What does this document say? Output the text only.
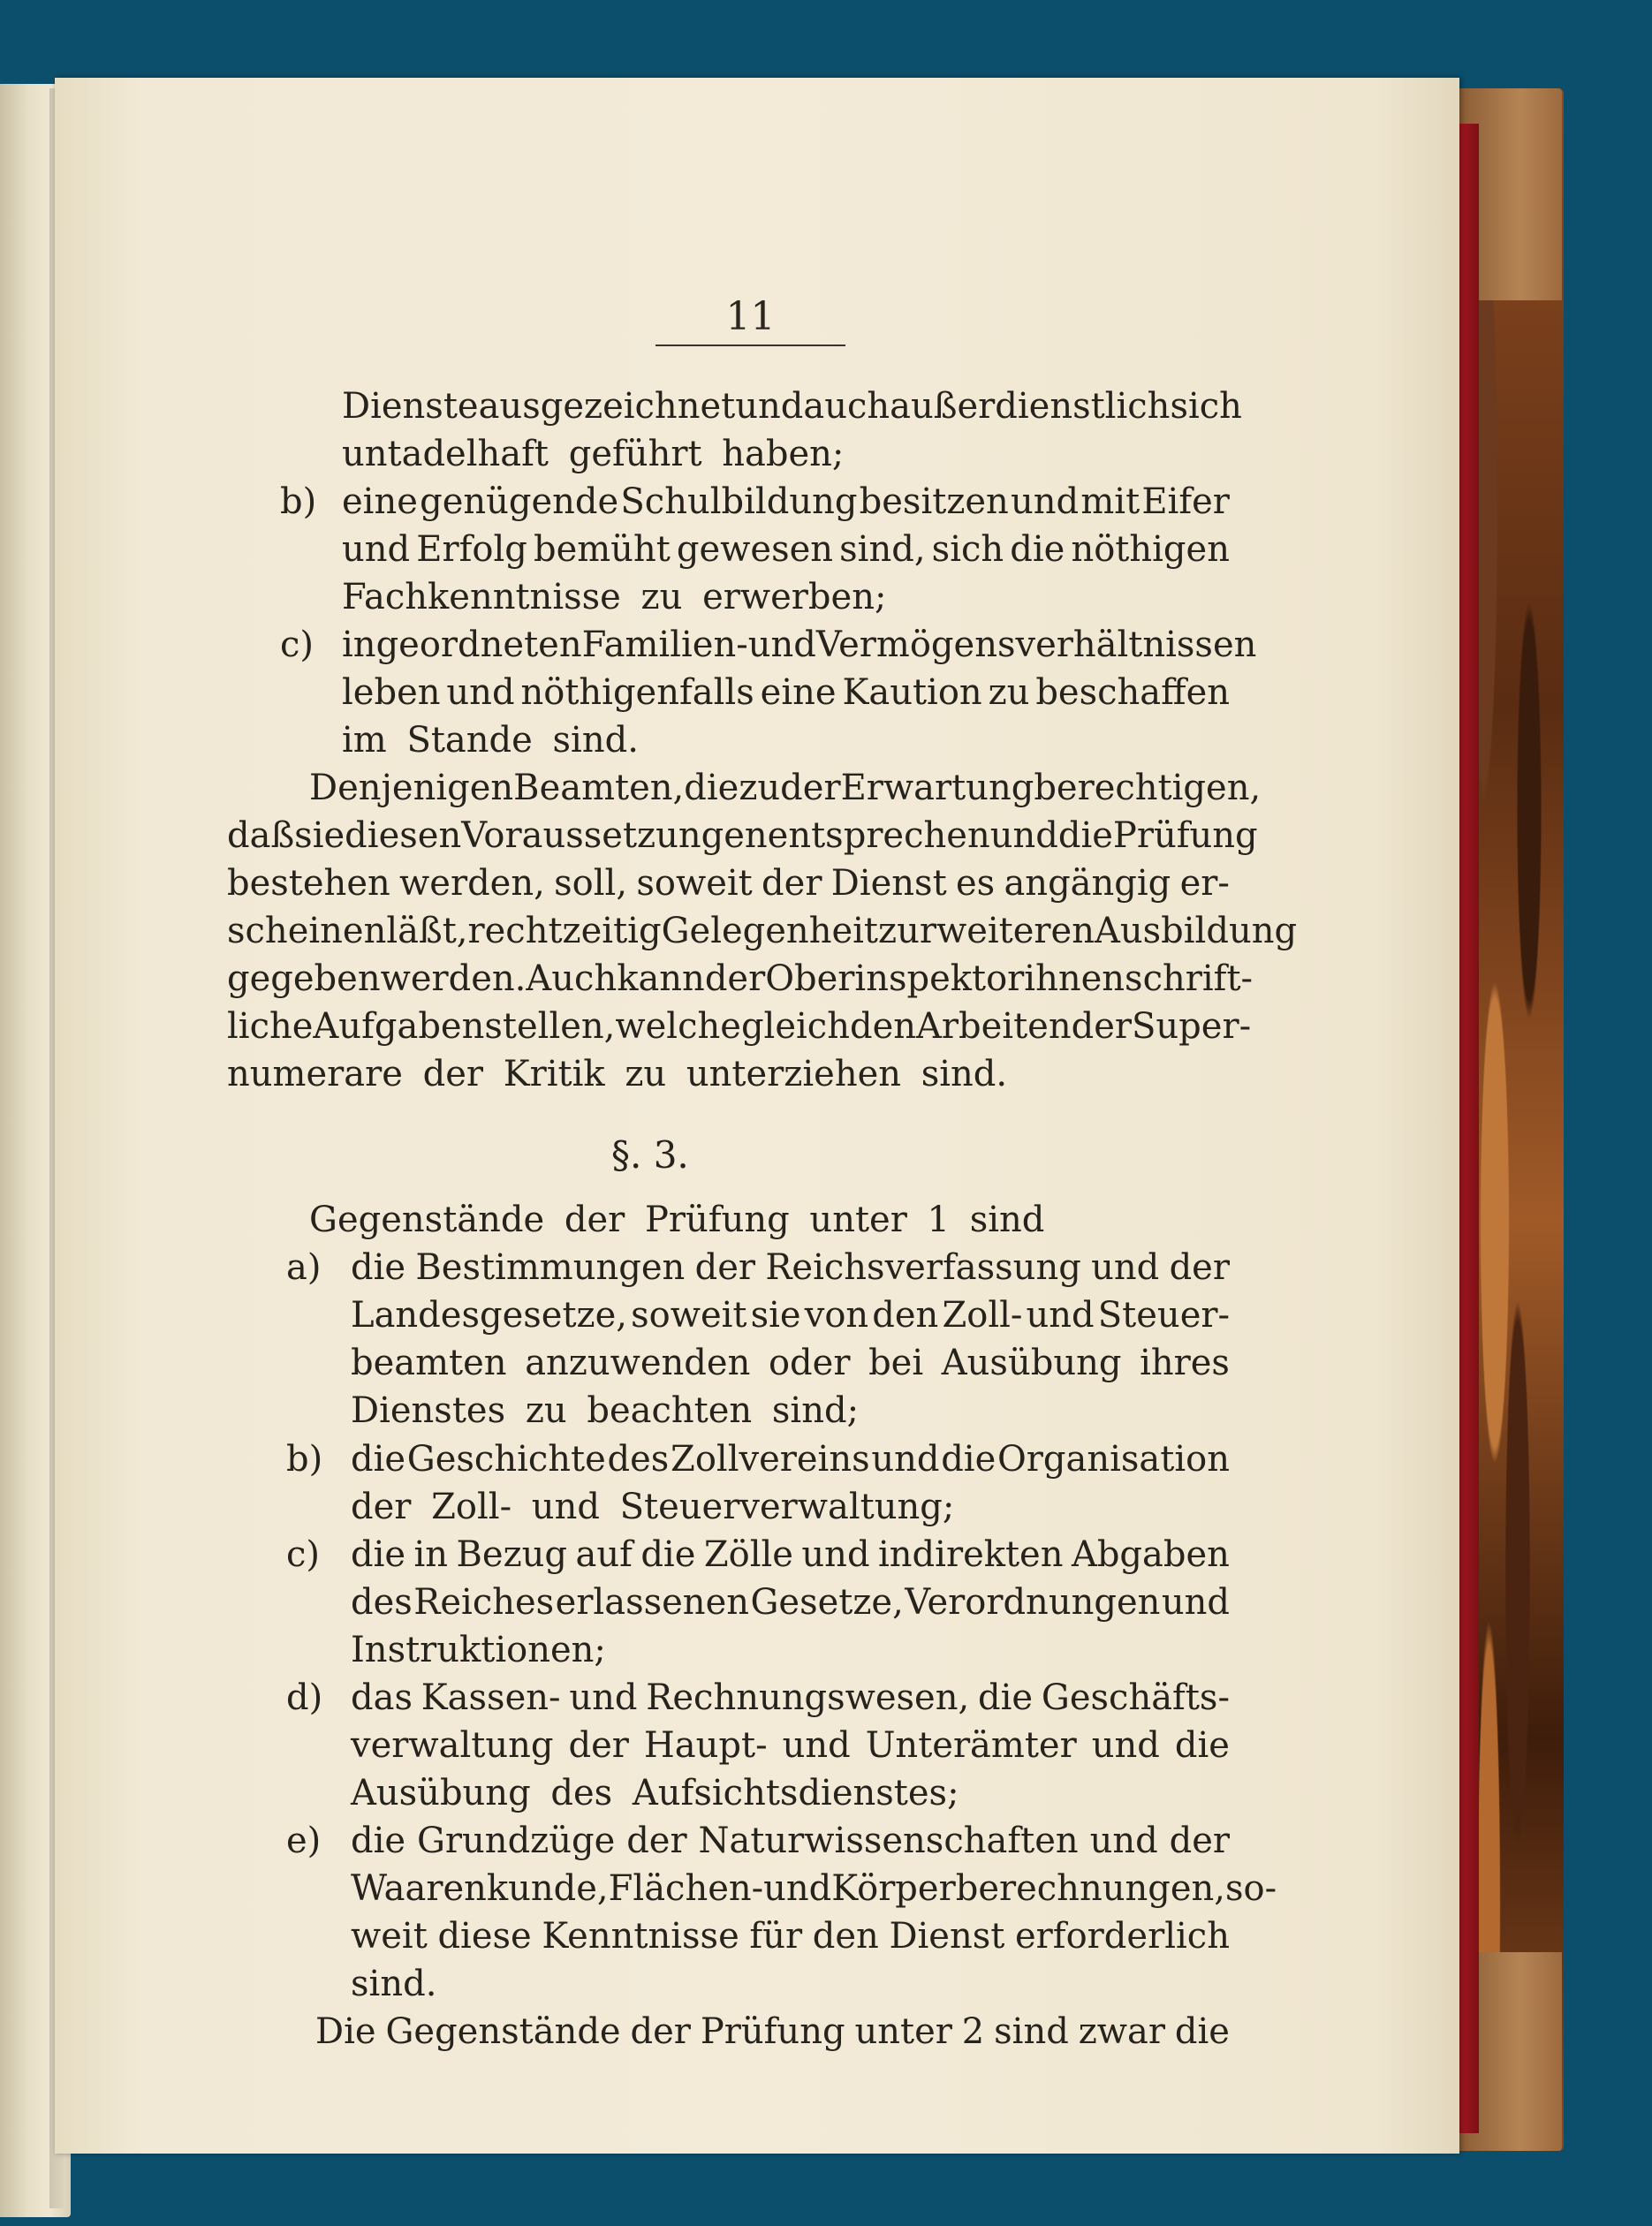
11
b)
c)
Dienste ausgezeichnet und auch außerdienstlich sich
untadelhaft geführt haben;
eine genügende Schulbildung besitzen und mit Eifer
und Erfolg bemüht gewesen sind, sich die nöthigen
Fachkenntnisse zu erwerben;
in geordneten Familien- und Vermögensverhältnissen
leben und nöthigenfalls eine Kaution zu beschaffen
im Stande sind.
Denjenigen Beamten, die zu der Erwartung berechtigen,
daß sie diesen Voraussetzungen entsprechen und die Prüfung
bestehen werden, soll, soweit der Dienst es angängig er-
scheinen läßt, rechtzeitig Gelegenheit zur weiteren Ausbildung
gegeben werden. Auch kann der Oberinspektor ihnen schrift-
liche Aufgaben stellen, welche gleich den Arbeiten der Super-
numerare der Kritik zu unterziehen sind.
§. 3.
a)
b)
c)
d)
e)
Gegenstände der Prüfung unter 1 sind
die Bestimmungen der Reichsverfassung und der
Landesgesetze, soweit sie von den Zoll- und Steuer-
beamten anzuwenden oder bei Ausübung ihres
Dienstes zu beachten sind;
die Geschichte des Zollvereins und die Organisation
der Zoll- und Steuerverwaltung;
die in Bezug auf die Zölle und indirekten Abgaben
des Reiches erlassenen Gesetze, Verordnungen und
Instruktionen;
das Kassen- und Rechnungswesen, die Geschäfts-
verwaltung der Haupt- und Unterämter und die
Ausübung des Aufsichtsdienstes;
die Grundzüge der Naturwissenschaften und der
Waarenkunde, Flächen- und Körperberechnungen, so-
weit diese Kenntnisse für den Dienst erforderlich
sind.
Die Gegenstände der Prüfung unter 2 sind zwar die
